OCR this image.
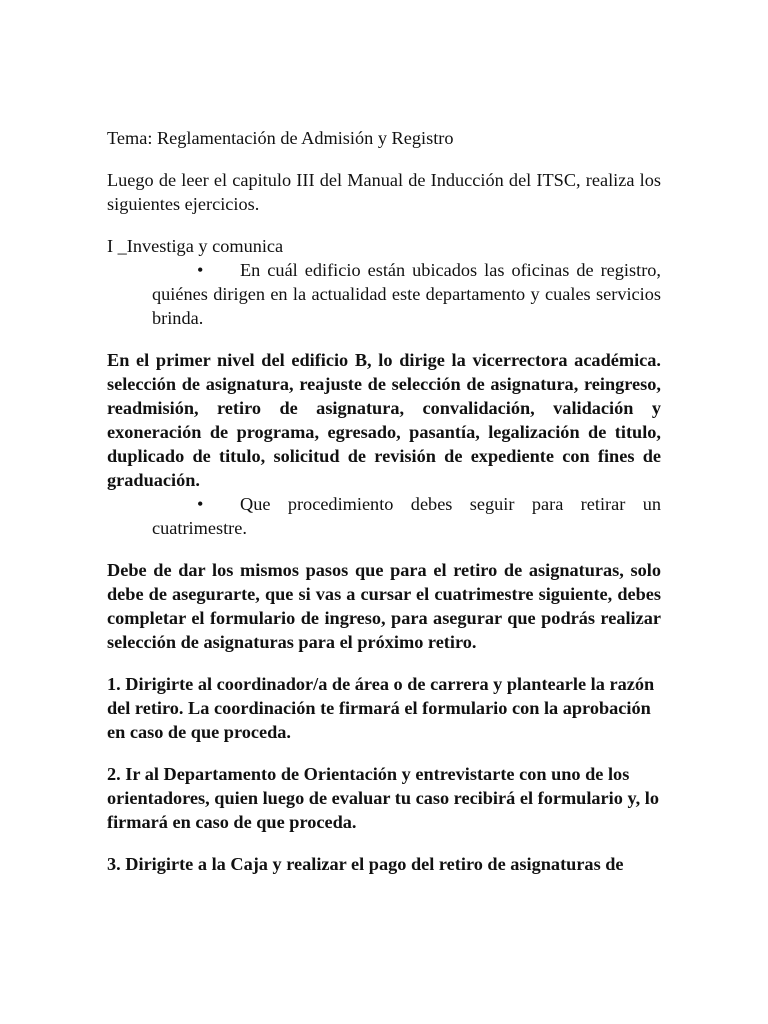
Tema: Reglamentación de Admisión y Registro

Luego de leer el capitulo III del Manual de Inducción del ITSC, realiza los siguientes ejercicios.

I _Investiga y comunica

• En cuál edificio están ubicados las oficinas de registro, quiénes dirigen en la actualidad este departamento y cuales servicios brinda.

En el primer nivel del edificio B, lo dirige la vicerrectora académica. selección de asignatura, reajuste de selección de asignatura, reingreso, readmisión, retiro de asignatura, convalidación, validación y exoneración de programa, egresado, pasantía, legalización de titulo, duplicado de titulo, solicitud de revisión de expediente con fines de graduación.

• Que procedimiento debes seguir para retirar un cuatrimestre.

Debe de dar los mismos pasos que para el retiro de asignaturas, solo debe de asegurarte, que si vas a cursar el cuatrimestre siguiente, debes completar el formulario de ingreso, para asegurar que podrás realizar selección de asignaturas para el próximo retiro.

1. Dirigirte al coordinador/a de área o de carrera y plantearle la razón del retiro. La coordinación te firmará el formulario con la aprobación en caso de que proceda.

2. Ir al Departamento de Orientación y entrevistarte con uno de los orientadores, quien luego de evaluar tu caso recibirá el formulario y, lo firmará en caso de que proceda.

3. Dirigirte a la Caja y realizar el pago del retiro de asignaturas de
